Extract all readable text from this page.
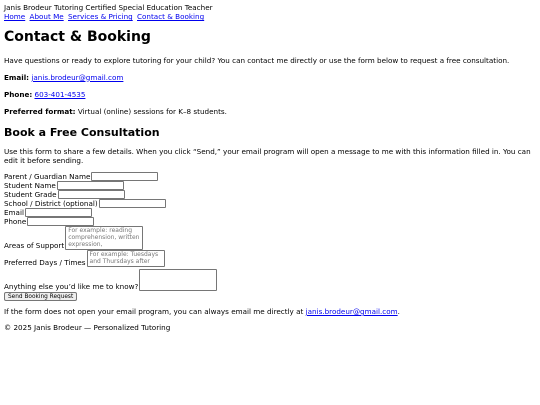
Janis Brodeur Tutoring Certified Special Education Teacher
Home About Me Services & Pricing Contact & Booking
Contact & Booking

Have questions or ready to explore tutoring for your child? You can contact me directly or use the form below to request a free consultation.

Email: janis.brodeur@gmail.com

Phone: 603-401-4535

Preferred format: Virtual (online) sessions for K–8 students.

Book a Free Consultation

Use this form to share a few details. When you click “Send,” your email program will open a message to me with this information filled in. You can edit it before sending.

Parent / Guardian Name
Student Name
Student Grade
School / District (optional)
Email
Phone
Areas of Support
For example: reading comprehension, written expression,
Preferred Days / Times
For example: Tuesdays and Thursdays after
Anything else you’d like me to know?
Send Booking Request

If the form does not open your email program, you can always email me directly at janis.brodeur@gmail.com.

© 2025 Janis Brodeur — Personalized Tutoring
